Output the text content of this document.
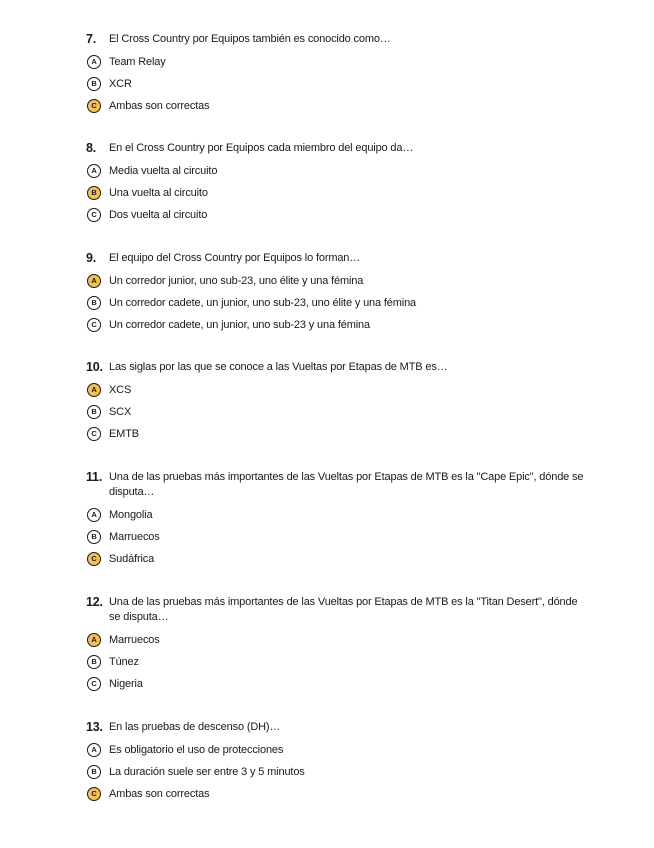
7.	El Cross Country por Equipos también es conocido como…
A	Team Relay
B	XCR
C	Ambas son correctas
8.	En el Cross Country por Equipos cada miembro del equipo da…
A	Media vuelta al circuito
B	Una vuelta al circuito
C	Dos vuelta al circuito
9.	El equipo del Cross Country por Equipos lo forman…
A	Un corredor junior, uno sub-23, uno élite y una fémina
B	Un corredor cadete, un junior, uno sub-23, uno élite y una fémina
C	Un corredor cadete, un junior, uno sub-23 y una fémina
10. Las siglas por las que se conoce a las Vueltas por Etapas de MTB es…
A	XCS
B	SCX
C	EMTB
11. Una de las pruebas más importantes de las Vueltas por Etapas de MTB es la "Cape Epic", dónde se disputa…
A	Mongolia
B	Marruecos
C	Sudáfrica
12. Una de las pruebas más importantes de las Vueltas por Etapas de MTB es la "Titan Desert", dónde se disputa…
A	Marruecos
B	Túnez
C	Nigeria
13. En las pruebas de descenso (DH)…
A	Es obligatorio el uso de protecciones
B	La duración suele ser entre 3 y 5 minutos
C	Ambas son correctas
